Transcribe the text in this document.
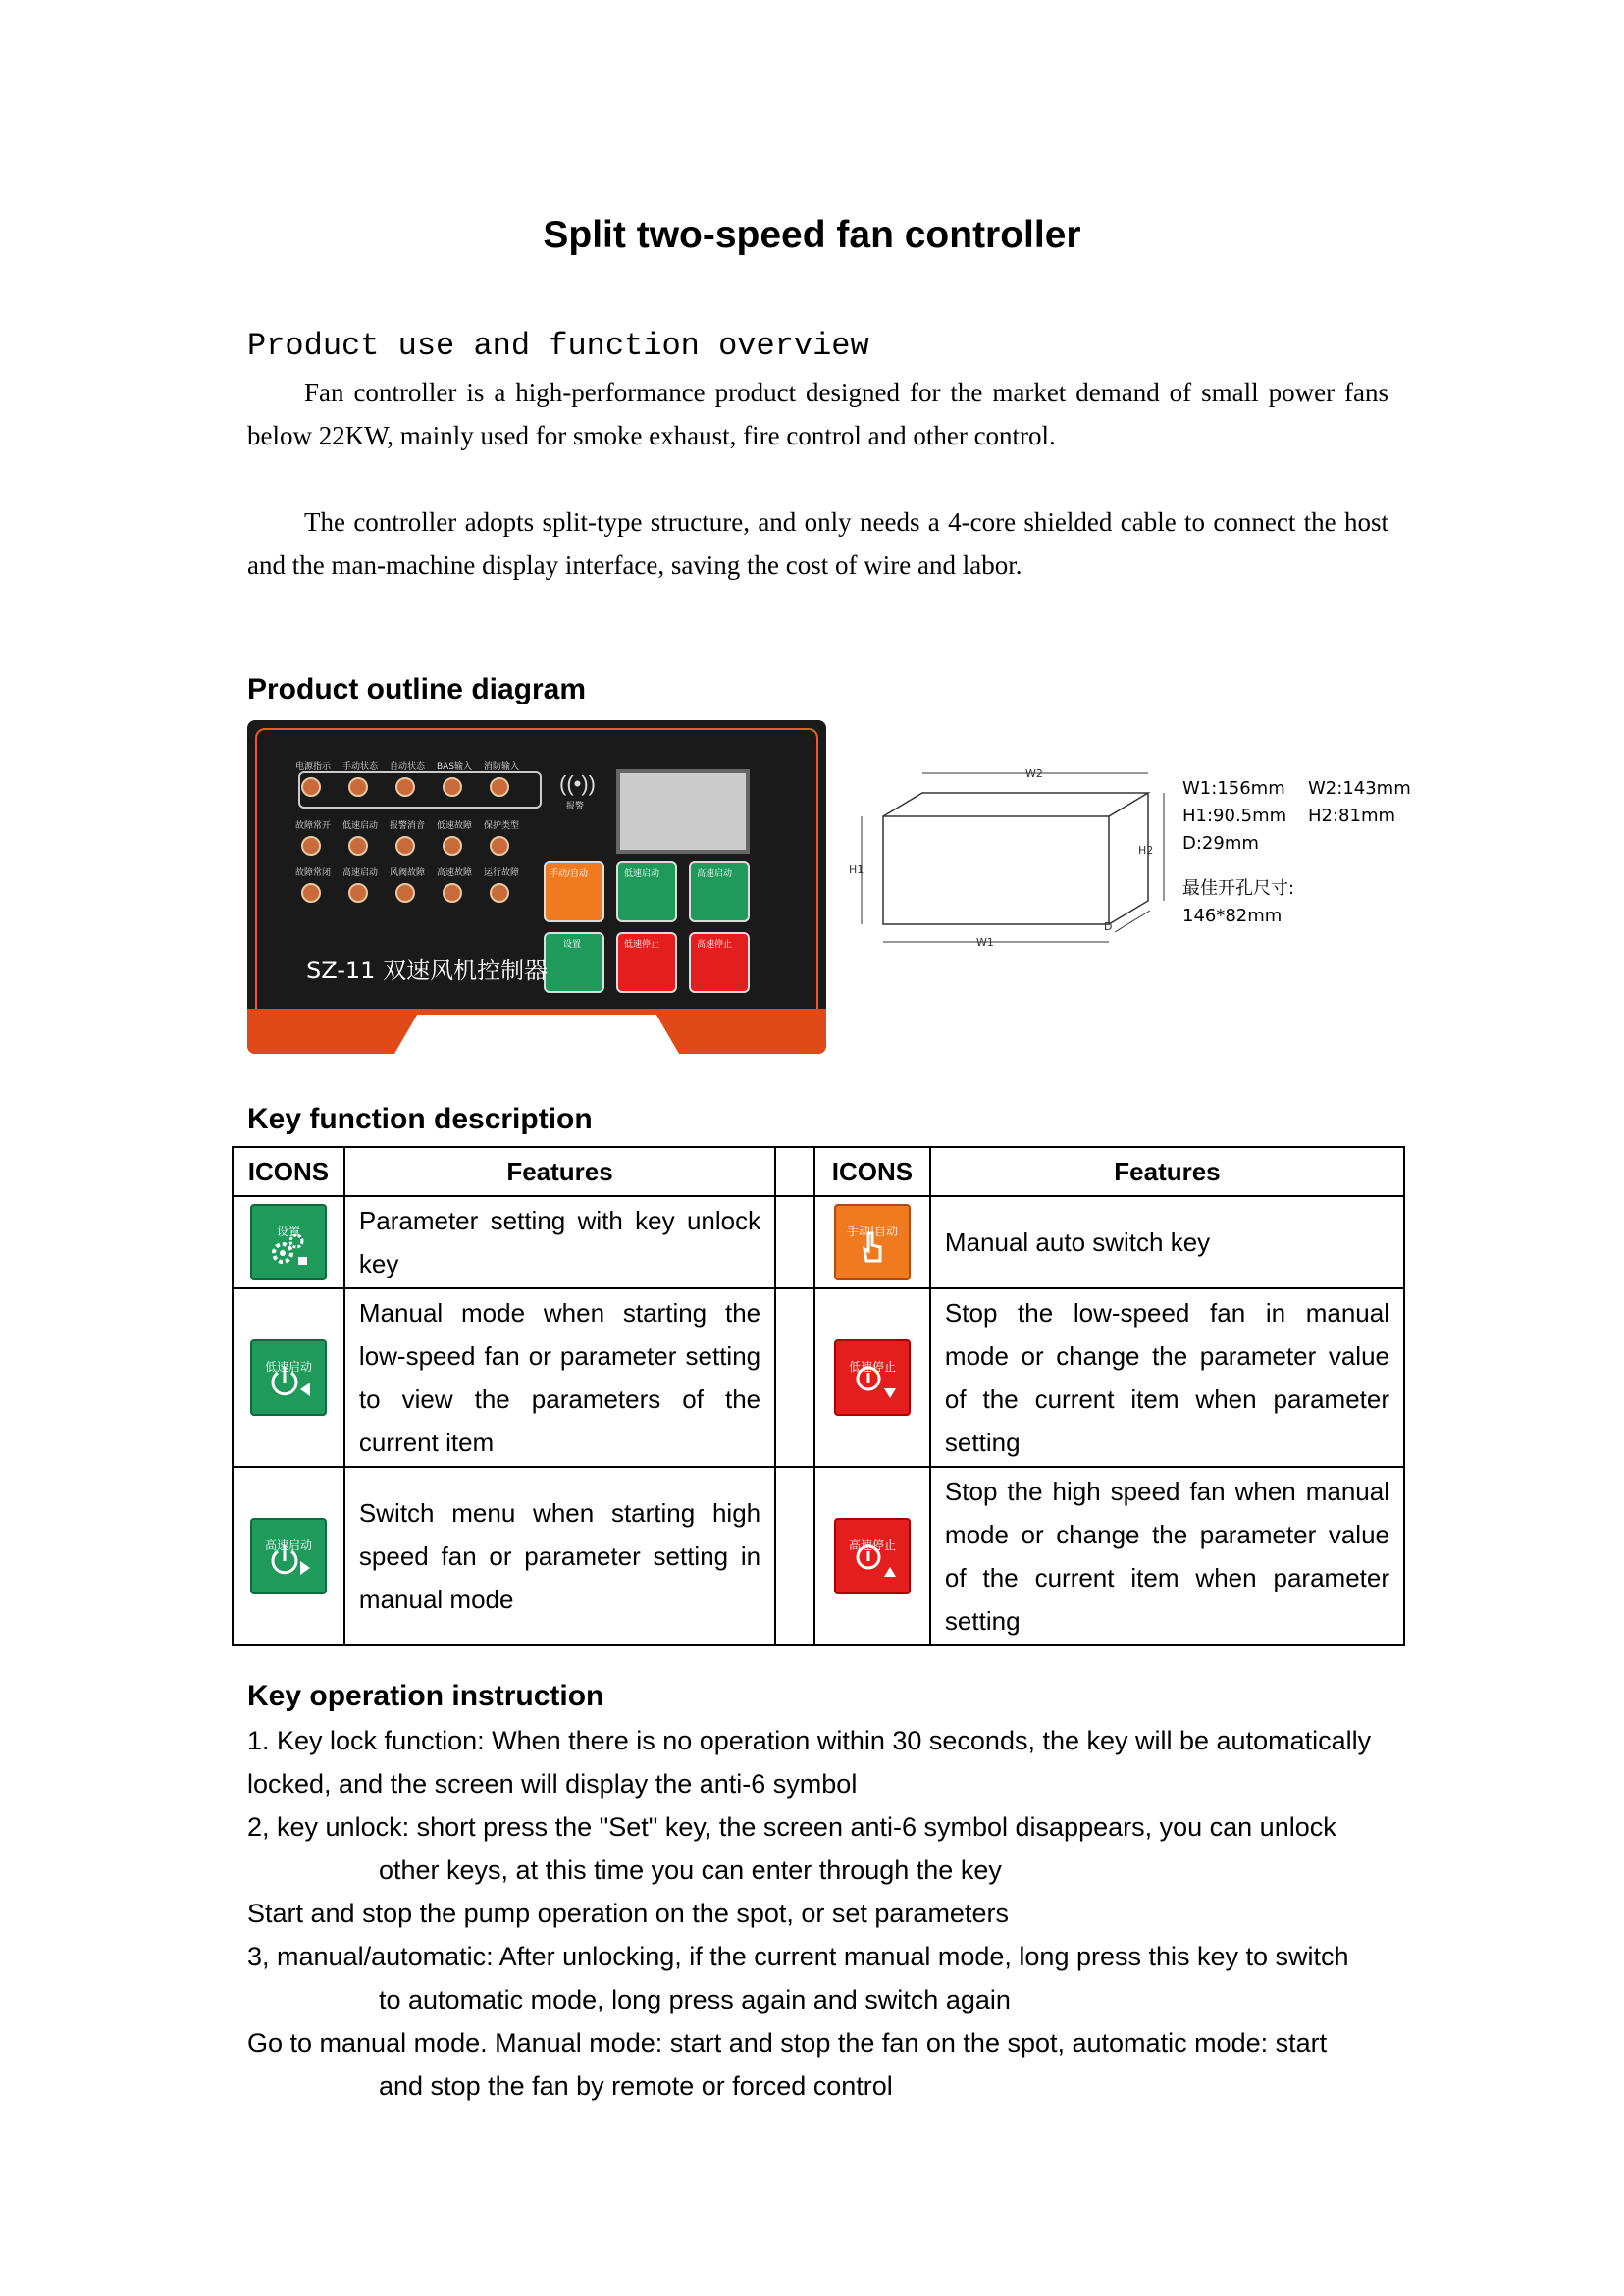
Split two-speed fan controller
Product use and function overview
Fan controller is a high-performance product designed for the market demand of small power fans below 22KW, mainly used for smoke exhaust, fire control and other control.
The controller adopts split-type structure, and only needs a 4-core shielded cable to connect the host and the man-machine display interface, saving the cost of wire and labor.
Product outline diagram
电源指示 手动状态 自动状态 BAS输入 消防输入
故障常开 低速启动 报警消音 低速故障 保护类型
故障常闭 高速启动 风阀故障 高速故障 运行故障
((•))
报警
手动/自动	低速启动	高速启动
设置	低速停止	高速停止
SZ-11 双速风机控制器
W2
H1
H2
W1
D
W1:156mm W2:143mm
H1:90.5mm H2:81mm
D:29mm
最佳开孔尺寸:
146*82mm
Key function description
ICONS	Features		ICONS	Features

设置	Parameter setting with key unlock key		手动|自动	Manual auto switch key

低速启动	Manual mode when starting the low-speed fan or parameter setting to view the parameters of the current item		低速停止	Stop the low-speed fan in manual mode or change the parameter value of the current item when parameter setting

高速启动	Switch menu when starting high speed fan or parameter setting in manual mode		高速停止	Stop the high speed fan when manual mode or change the parameter value of the current item when parameter setting
Key operation instruction

1. Key lock function: When there is no operation within 30 seconds, the key will be automatically

locked, and the screen will display the anti-6 symbol

2, key unlock: short press the "Set" key, the screen anti-6 symbol disappears, you can unlock

other keys, at this time you can enter through the key

Start and stop the pump operation on the spot, or set parameters

3, manual/automatic: After unlocking, if the current manual mode, long press this key to switch

to automatic mode, long press again and switch again

Go to manual mode. Manual mode: start and stop the fan on the spot, automatic mode: start

and stop the fan by remote or forced control
